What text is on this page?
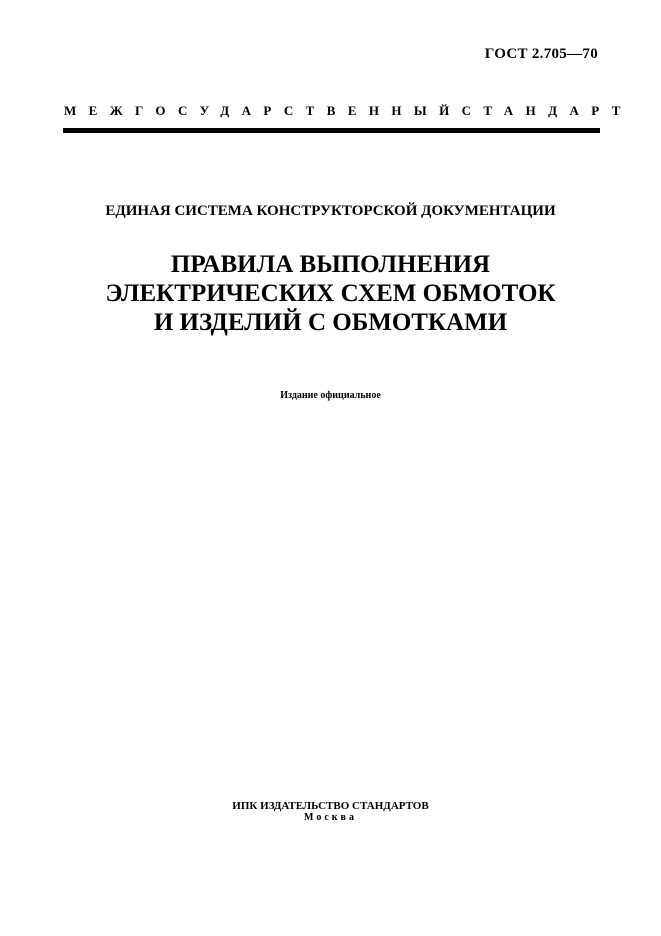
ГОСТ 2.705—70
МЕЖГОСУДАРСТВЕННЫЙ СТАНДАРТ
ЕДИНАЯ СИСТЕМА КОНСТРУКТОРСКОЙ ДОКУМЕНТАЦИИ
ПРАВИЛА ВЫПОЛНЕНИЯ
ЭЛЕКТРИЧЕСКИХ СХЕМ ОБМОТОК
И ИЗДЕЛИЙ С ОБМОТКАМИ
Издание официальное
ИПК ИЗДАТЕЛЬСТВО СТАНДАРТОВ
Москва
